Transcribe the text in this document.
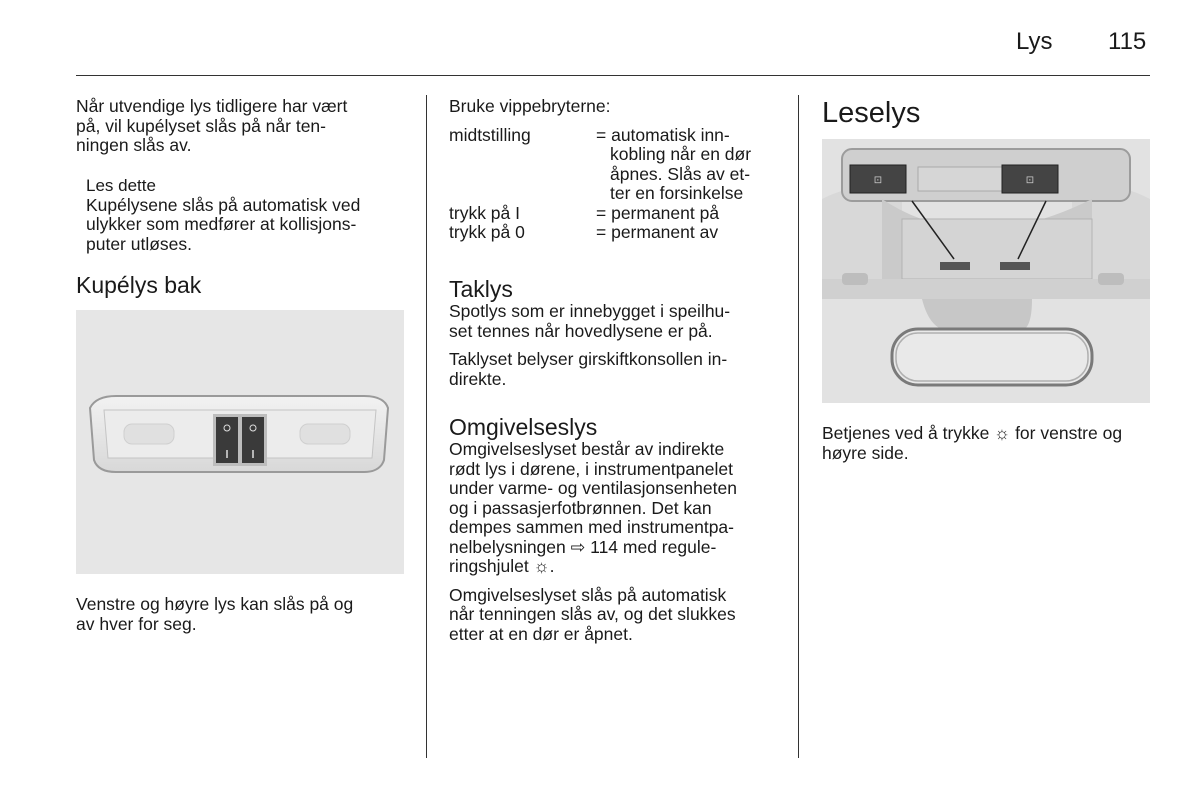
Lys 115

Når utvendige lys tidligere har vært
på, vil kupélyset slås på når ten-
ningen slås av.

Les dette

Kupélysene slås på automatisk ved
ulykker som medfører at kollisjons-
puter utløses.

Kupélys bak

Venstre og høyre lys kan slås på og
av hver for seg.

Bruke vippebryterne:

midtstilling	= automatisk inn-
kobling når en dør
åpnes. Slås av et-
ter en forsinkelse
trykk på I	= permanent på
trykk på 0	= permanent av

Taklys

Spotlys som er innebygget i speilhu-
set tennes når hovedlysene er på.

Taklyset belyser girskiftkonsollen in-
direkte.

Omgivelseslys

Omgivelseslyset består av indirekte
rødt lys i dørene, i instrumentpanelet
under varme- og ventilasjonsenheten
og i passasjerfotbrønnen. Det kan
dempes sammen med instrumentpa-
nelbelysningen ⇨ 114 med regule-
ringshjulet ☼.

Omgivelseslyset slås på automatisk
når tenningen slås av, og det slukkes
etter at en dør er åpnet.

Leselys

⊡	⊡

Betjenes ved å trykke ☼ for venstre og
høyre side.
